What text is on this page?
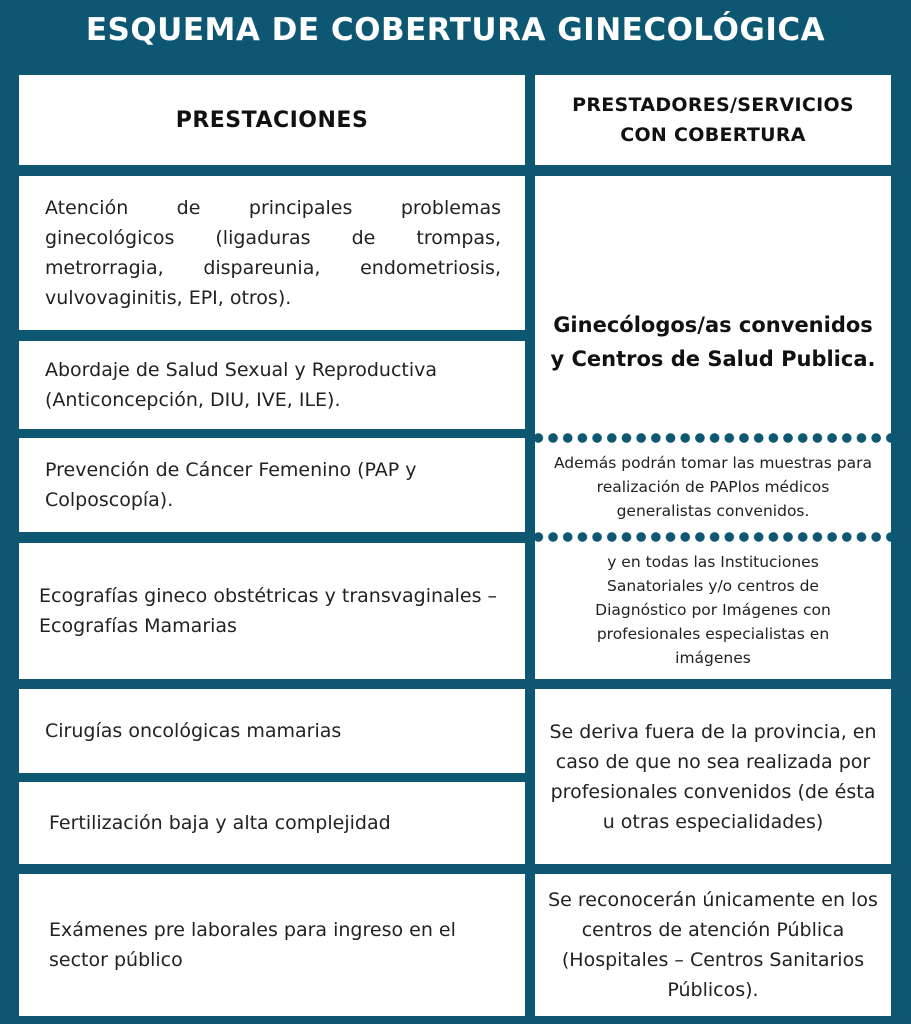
ESQUEMA DE COBERTURA GINECOLÓGICA
PRESTACIONES
PRESTADORES/SERVICIOS
CON COBERTURA
Atención de principales problemas ginecológicos (ligaduras de trompas, metrorragia, dispareunia, endometriosis, vulvovaginitis, EPI, otros).
Abordaje de Salud Sexual y Reproductiva (Anticoncepción, DIU, IVE, ILE).
Prevención de Cáncer Femenino (PAP y Colposcopía).
Ecografías gineco obstétricas y transvaginales – Ecografías Mamarias
Cirugías oncológicas mamarias
Fertilización baja y alta complejidad
Exámenes pre laborales para ingreso en el sector público
Ginecólogos/as convenidos y Centros de Salud Publica.
Además podrán tomar las muestras para realización de PAPlos médicos generalistas convenidos.
y en todas las Instituciones Sanatoriales y/o centros de Diagnóstico por Imágenes con profesionales especialistas en imágenes
Se deriva fuera de la provincia, en caso de que no sea realizada por profesionales convenidos (de ésta u otras especialidades)
Se reconocerán únicamente en los centros de atención Pública (Hospitales – Centros Sanitarios Públicos).
